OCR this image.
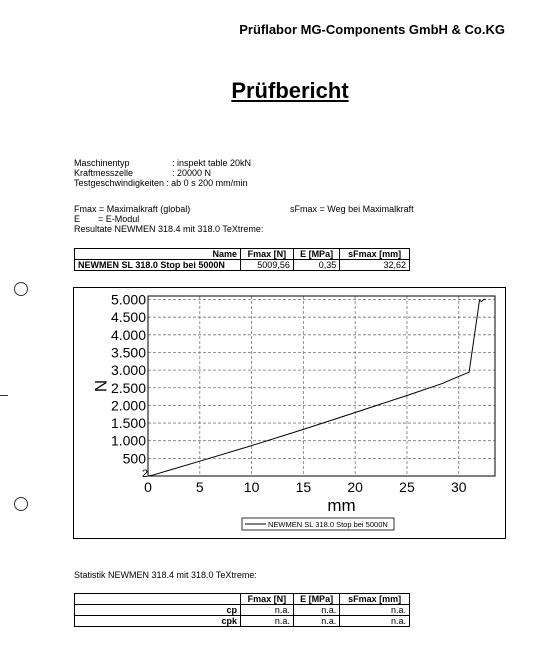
Prüflabor MG-Components GmbH & Co.KG
Prüfbericht
Maschinentyp	: inspekt table 20kN
Kraftmesszelle	: 20000 N
Testgeschwindigkeiten : ab 0 s 200 mm/min
Fmax = Maximalkraft (global)	sFmax = Weg bei Maximalkraft
E = E-Modul
Resultate NEWMEN 318.4 mit 318.0 TeXtreme:
Name	Fmax [N]	E [MPa]	sFmax [mm]
NEWMEN SL 318.0 Stop bei 5000N	5009,56	0,35	32,62
500
1.000
1.500
2.000
2.500
3.000
3.500
4.000
4.500
5.000
0	5	10	15	20	25	30
N
mm
2
NEWMEN SL 318.0 Stop bei 5000N
Statistik NEWMEN 318.4 mit 318.0 TeXtreme:
	Fmax [N]	E [MPa]	sFmax [mm]
cp	n.a.	n.a.	n.a.
cpk	n.a.	n.a.	n.a.
